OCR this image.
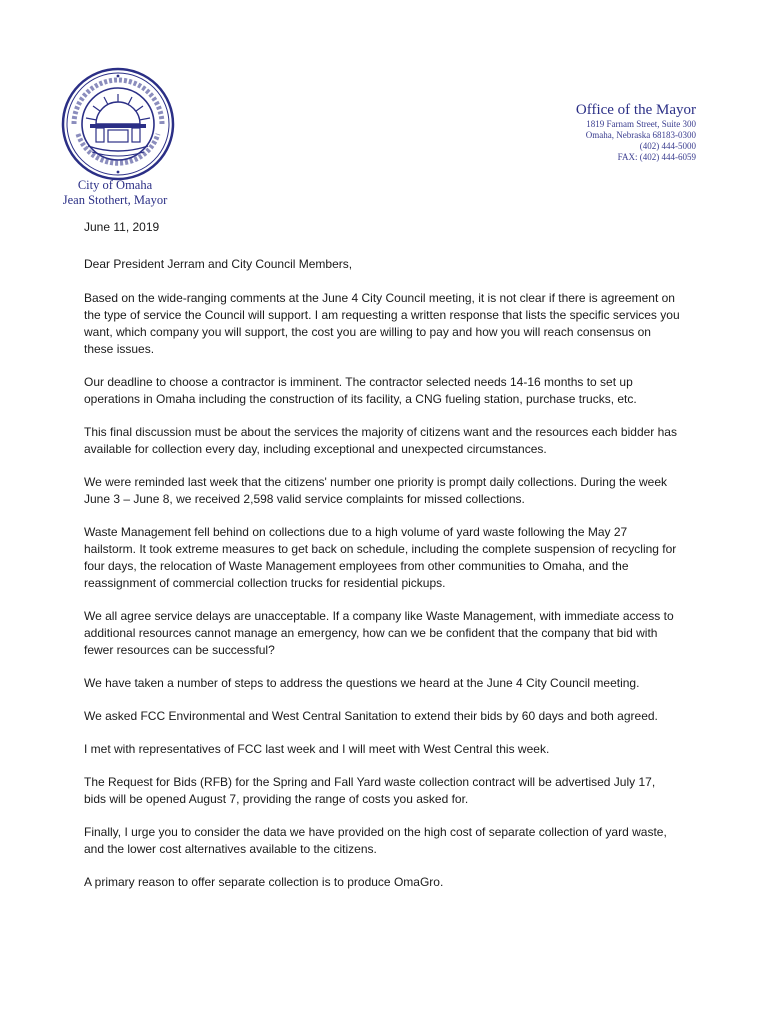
City of Omaha
Jean Stothert, Mayor
Office of the Mayor
1819 Farnam Street, Suite 300
Omaha, Nebraska 68183-0300
(402) 444-5000
FAX: (402) 444-6059

June 11, 2019

Dear President Jerram and City Council Members,

Based on the wide-ranging comments at the June 4 City Council meeting, it is not clear if there is agreement on the type of service the Council will support. I am requesting a written response that lists the specific services you want, which company you will support, the cost you are willing to pay and how you will reach consensus on these issues.

Our deadline to choose a contractor is imminent. The contractor selected needs 14-16 months to set up operations in Omaha including the construction of its facility, a CNG fueling station, purchase trucks, etc.

This final discussion must be about the services the majority of citizens want and the resources each bidder has available for collection every day, including exceptional and unexpected circumstances.

We were reminded last week that the citizens' number one priority is prompt daily collections. During the week June 3 – June 8, we received 2,598 valid service complaints for missed collections.

Waste Management fell behind on collections due to a high volume of yard waste following the May 27 hailstorm. It took extreme measures to get back on schedule, including the complete suspension of recycling for four days, the relocation of Waste Management employees from other communities to Omaha, and the reassignment of commercial collection trucks for residential pickups.

We all agree service delays are unacceptable. If a company like Waste Management, with immediate access to additional resources cannot manage an emergency, how can we be confident that the company that bid with fewer resources can be successful?

We have taken a number of steps to address the questions we heard at the June 4 City Council meeting.

We asked FCC Environmental and West Central Sanitation to extend their bids by 60 days and both agreed.

I met with representatives of FCC last week and I will meet with West Central this week.

The Request for Bids (RFB) for the Spring and Fall Yard waste collection contract will be advertised July 17, bids will be opened August 7, providing the range of costs you asked for.

Finally, I urge you to consider the data we have provided on the high cost of separate collection of yard waste, and the lower cost alternatives available to the citizens.

A primary reason to offer separate collection is to produce OmaGro.
